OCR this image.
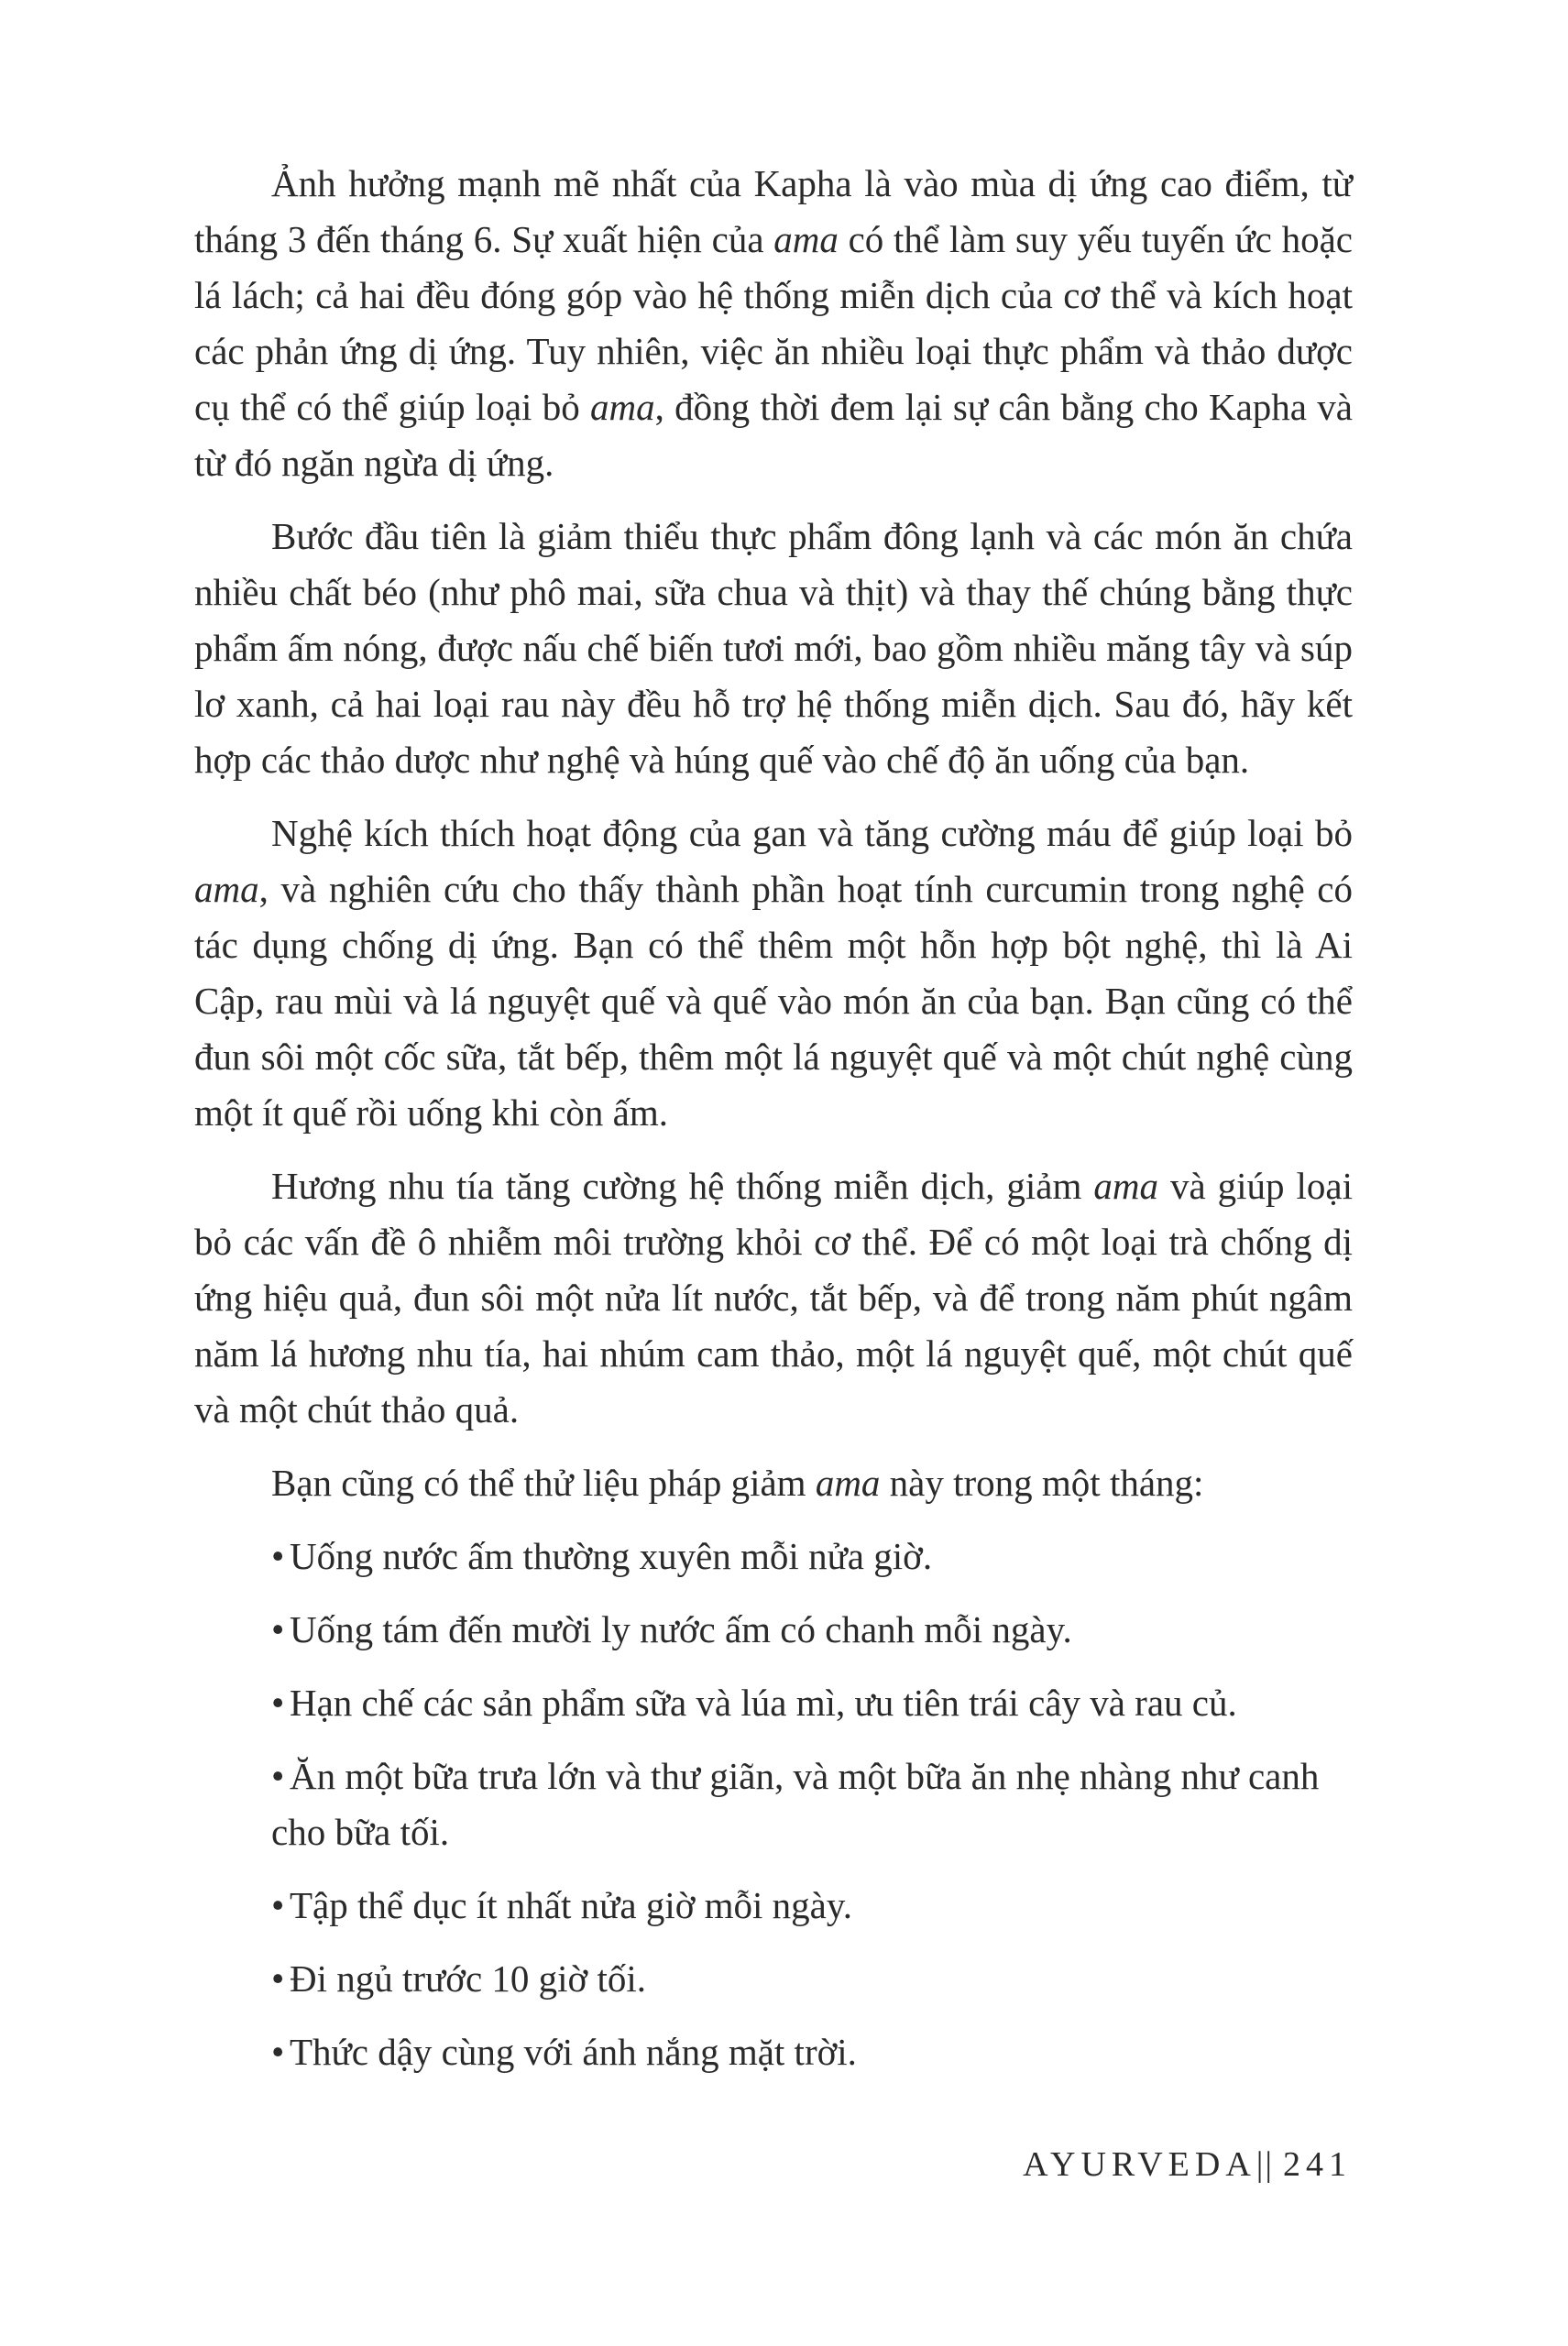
Ảnh hưởng mạnh mẽ nhất của Kapha là vào mùa dị ứng cao điểm, từ tháng 3 đến tháng 6. Sự xuất hiện của ama có thể làm suy yếu tuyến ức hoặc lá lách; cả hai đều đóng góp vào hệ thống miễn dịch của cơ thể và kích hoạt các phản ứng dị ứng. Tuy nhiên, việc ăn nhiều loại thực phẩm và thảo dược cụ thể có thể giúp loại bỏ ama, đồng thời đem lại sự cân bằng cho Kapha và từ đó ngăn ngừa dị ứng.

Bước đầu tiên là giảm thiểu thực phẩm đông lạnh và các món ăn chứa nhiều chất béo (như phô mai, sữa chua và thịt) và thay thế chúng bằng thực phẩm ấm nóng, được nấu chế biến tươi mới, bao gồm nhiều măng tây và súp lơ xanh, cả hai loại rau này đều hỗ trợ hệ thống miễn dịch. Sau đó, hãy kết hợp các thảo dược như nghệ và húng quế vào chế độ ăn uống của bạn.

Nghệ kích thích hoạt động của gan và tăng cường máu để giúp loại bỏ ama, và nghiên cứu cho thấy thành phần hoạt tính curcumin trong nghệ có tác dụng chống dị ứng. Bạn có thể thêm một hỗn hợp bột nghệ, thì là Ai Cập, rau mùi và lá nguyệt quế và quế vào món ăn của bạn. Bạn cũng có thể đun sôi một cốc sữa, tắt bếp, thêm một lá nguyệt quế và một chút nghệ cùng một ít quế rồi uống khi còn ấm.

Hương nhu tía tăng cường hệ thống miễn dịch, giảm ama và giúp loại bỏ các vấn đề ô nhiễm môi trường khỏi cơ thể. Để có một loại trà chống dị ứng hiệu quả, đun sôi một nửa lít nước, tắt bếp, và để trong năm phút ngâm năm lá hương nhu tía, hai nhúm cam thảo, một lá nguyệt quế, một chút quế và một chút thảo quả.

Bạn cũng có thể thử liệu pháp giảm ama này trong một tháng:

• Uống nước ấm thường xuyên mỗi nửa giờ.
• Uống tám đến mười ly nước ấm có chanh mỗi ngày.
• Hạn chế các sản phẩm sữa và lúa mì, ưu tiên trái cây và rau củ.
• Ăn một bữa trưa lớn và thư giãn, và một bữa ăn nhẹ nhàng như canh cho bữa tối.
• Tập thể dục ít nhất nửa giờ mỗi ngày.
• Đi ngủ trước 10 giờ tối.
• Thức dậy cùng với ánh nắng mặt trời.
AYURVEDA|| 241
